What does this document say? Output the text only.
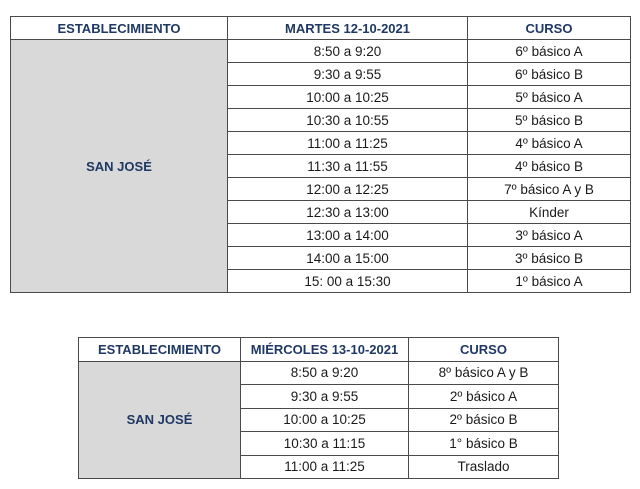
ESTABLECIMIENTO	MARTES 12-10-2021	CURSO
SAN JOSÉ	8:50 a 9:20	6º básico A
	9:30 a 9:55	6º básico B
	10:00 a 10:25	5º básico A
	10:30 a 10:55	5º básico B
	11:00 a 11:25	4º básico A
	11:30 a 11:55	4º básico B
	12:00 a 12:25	7º básico A y B
	12:30 a 13:00	Kínder
	13:00 a 14:00	3º básico A
	14:00 a 15:00	3º básico B
	15: 00 a 15:30	1º básico A
ESTABLECIMIENTO	MIÉRCOLES 13-10-2021	CURSO
SAN JOSÉ	8:50 a 9:20	8º básico A y B
	9:30 a 9:55	2º básico A
	10:00 a 10:25	2º básico B
	10:30 a 11:15	1° básico B
	11:00 a 11:25	Traslado
